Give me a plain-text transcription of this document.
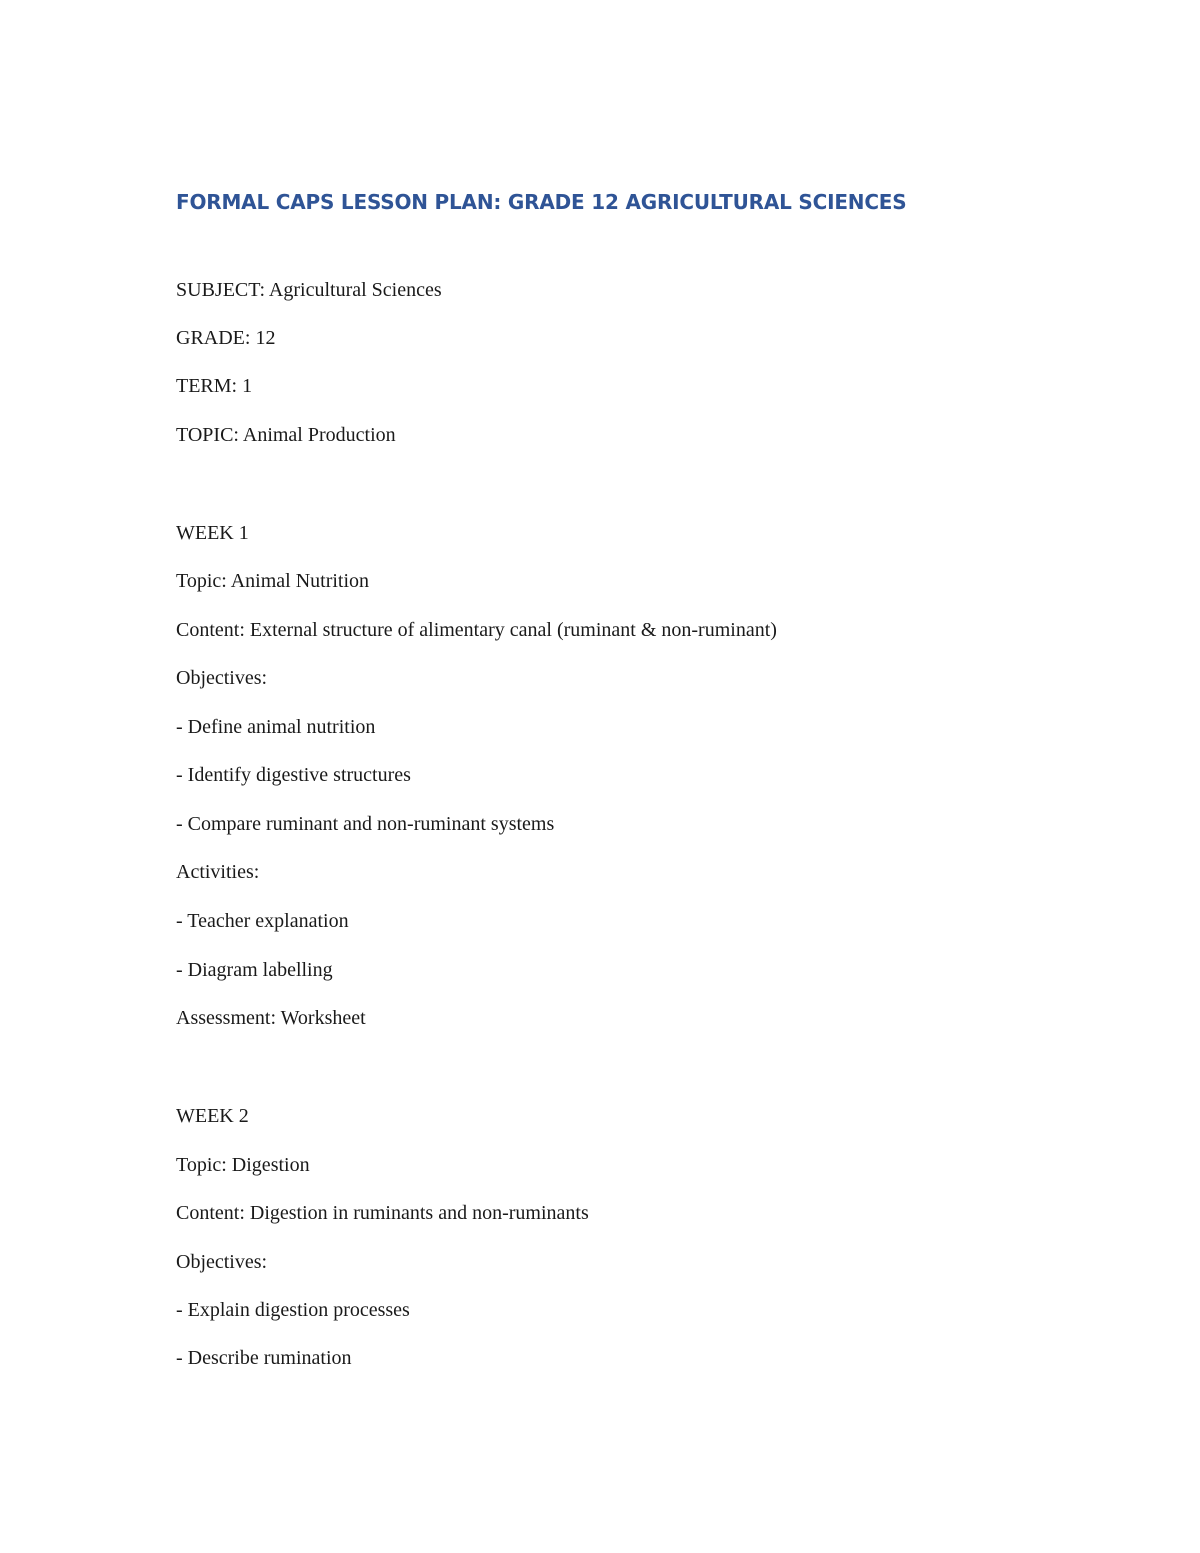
FORMAL CAPS LESSON PLAN: GRADE 12 AGRICULTURAL SCIENCES

SUBJECT: Agricultural Sciences

GRADE: 12

TERM: 1

TOPIC: Animal Production

WEEK 1

Topic: Animal Nutrition

Content: External structure of alimentary canal (ruminant & non-ruminant)

Objectives:

- Define animal nutrition

- Identify digestive structures

- Compare ruminant and non-ruminant systems

Activities:

- Teacher explanation

- Diagram labelling

Assessment: Worksheet

WEEK 2

Topic: Digestion

Content: Digestion in ruminants and non-ruminants

Objectives:

- Explain digestion processes

- Describe rumination
